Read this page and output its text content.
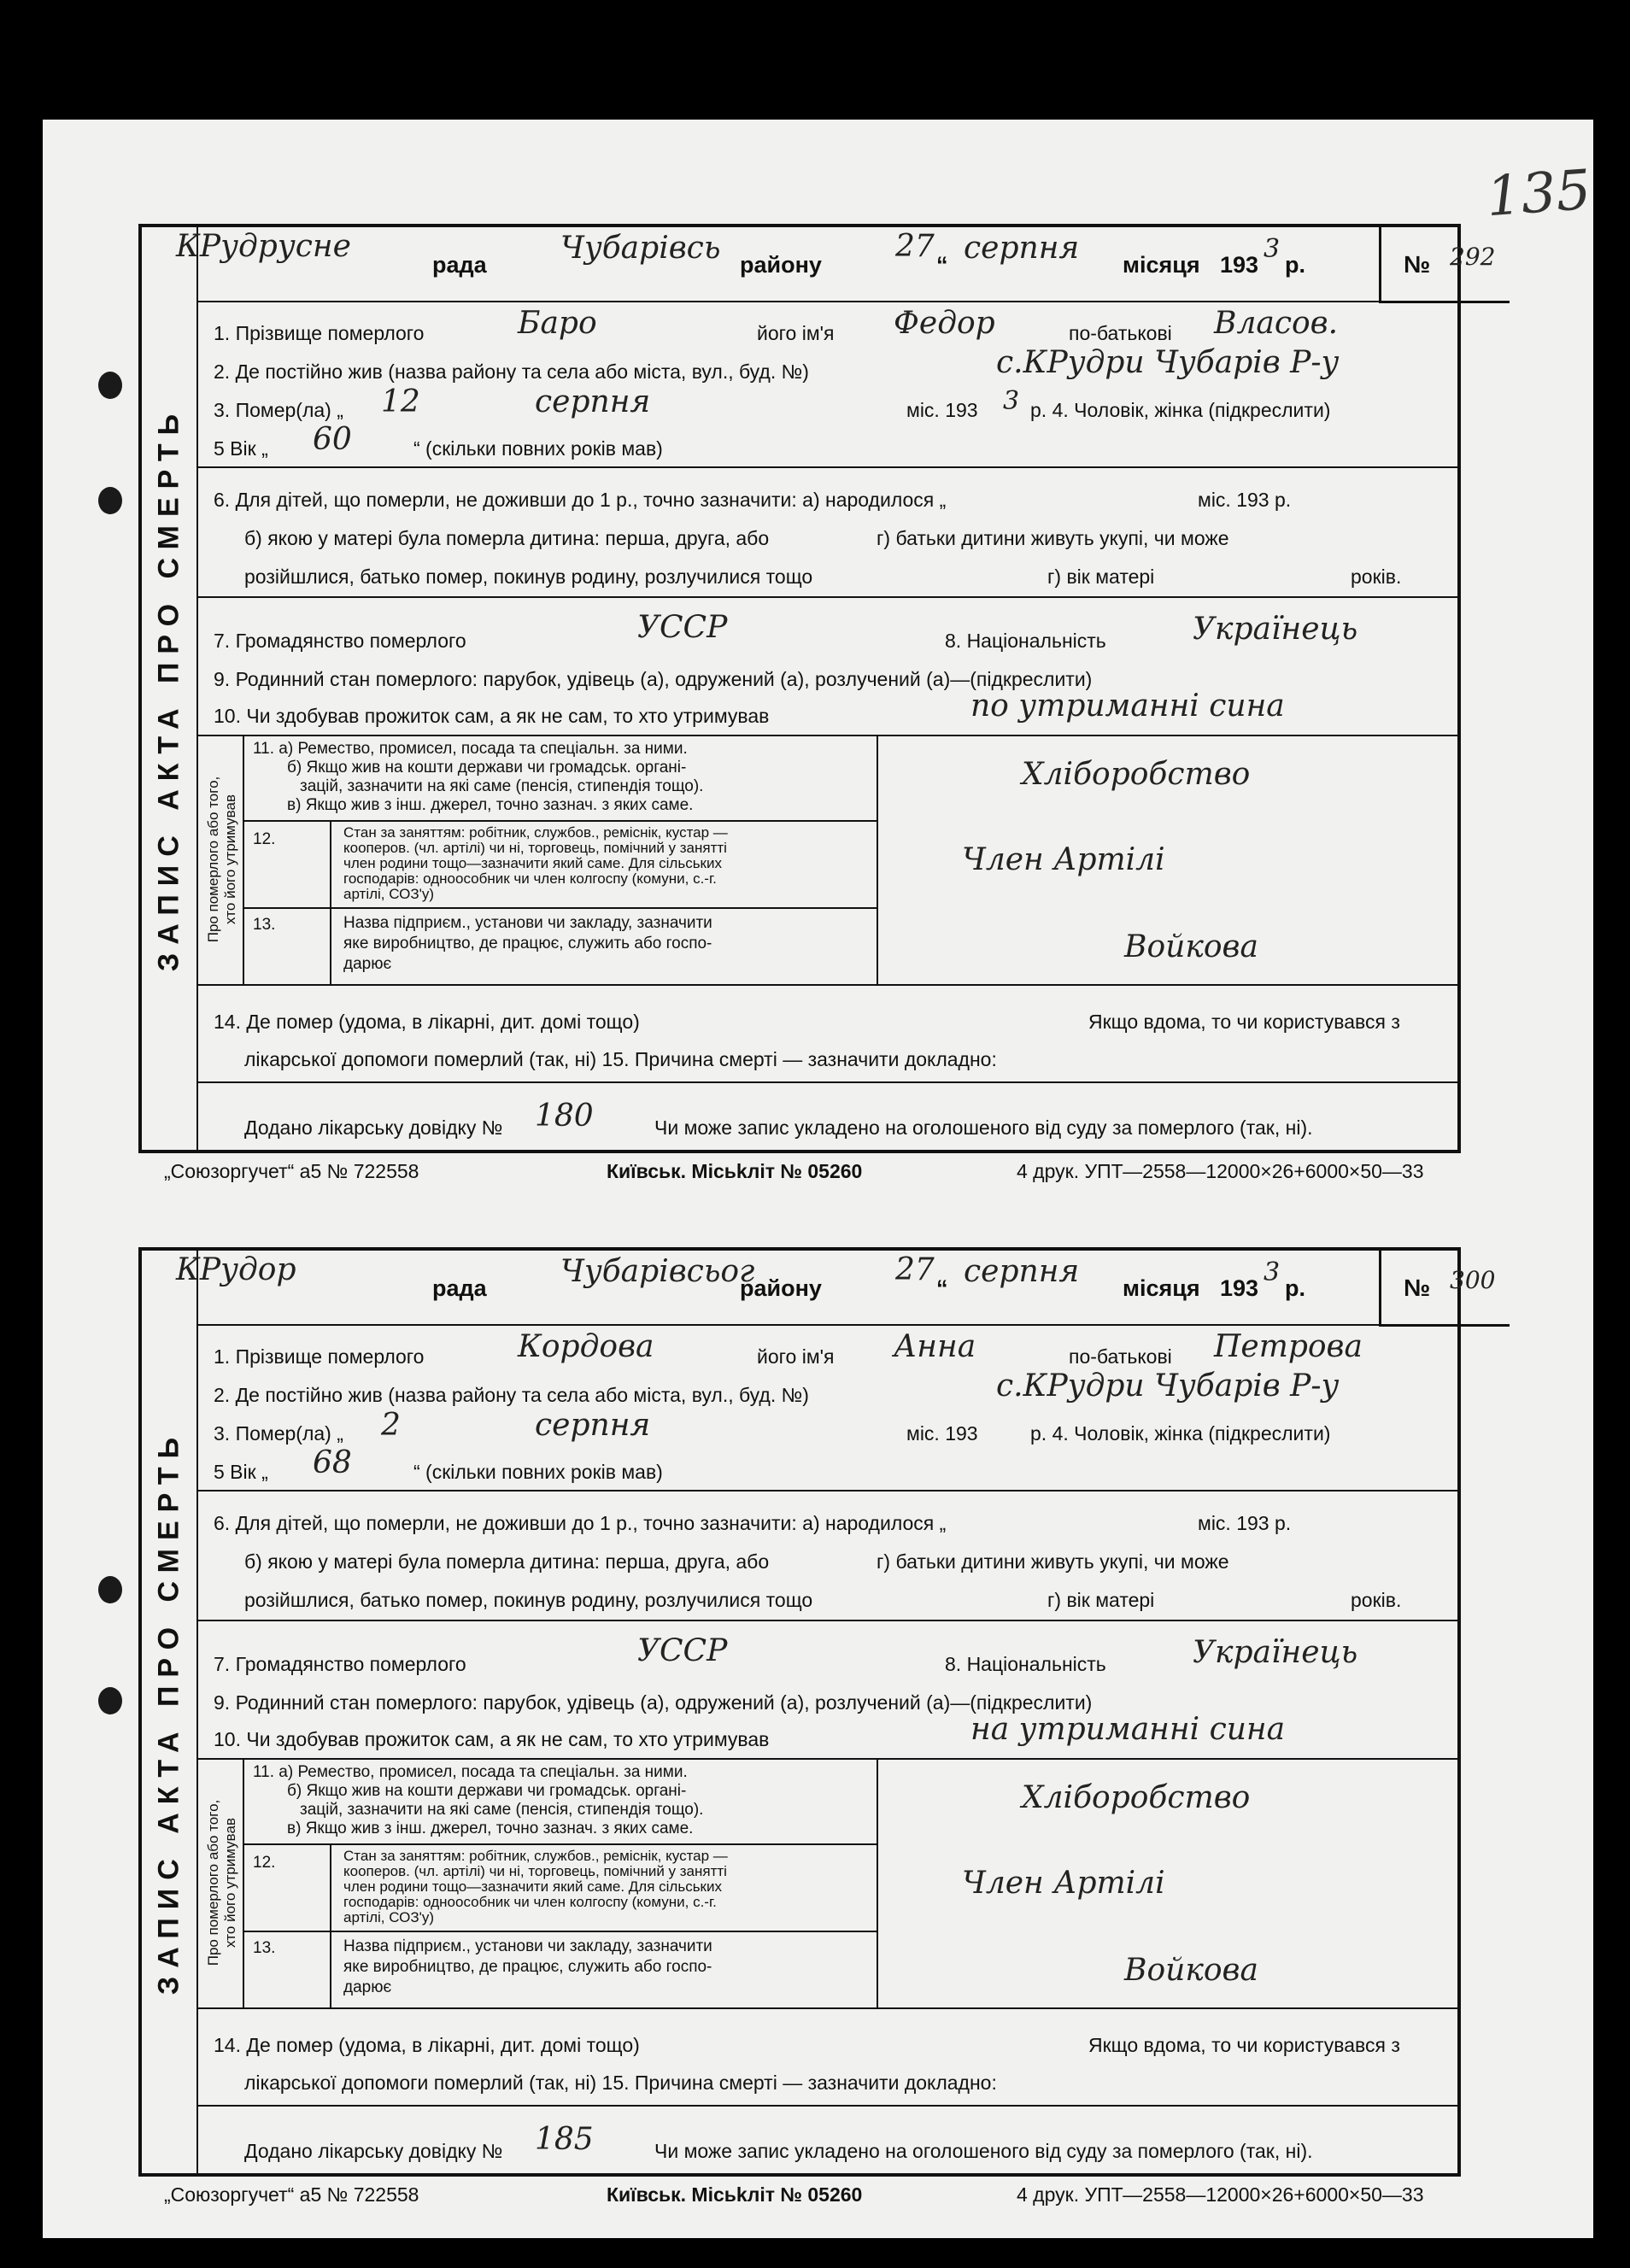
135
ЗАПИС АКТА ПРО СМЕРТЬ
КРудрусне
рада Чубарівсь району
27
“ серпня місяця 193
3
р.	№ 292
1. Прізвище померлого	Баро	його ім'я Федор	по-батькові Власов.
2. Де постійно жив (назва району та села або міста, вул., буд. №)	с.КРудри Чубарів Р-у
3. Помер(ла) „ 12	серпня	міс. 193 3 р. 4. Чоловік, жінка (підкреслити)
5 Вік „ 60	“ (скільки повних років мав)
6. Для дітей, що померли, не доживши до 1 р., точно зазначити: а) народилося „	міс. 193 р.
б) якою у матері була померла дитина: перша, друга, або	г) батьки дитини живуть укупі, чи може
розійшлися, батько помер, покинув родину, розлучилися тощо	г) вік матері	років.
7. Громадянство померлого	УССР	8. Національність	Українець
9. Родинний стан померлого: парубок, удівець (а), одружений (а), розлучений (а)—(підкреслити)
10. Чи здобував прожиток сам, а як не сам, то хто утримував	по утриманні сина
Про померлого або того, хто його утримував
11. а) Ремество, промисел, посада та спеціальн. за ними.
б) Якщо жив на кошти держави чи громадськ. органі-
зацій, зазначити на які саме (пенсія, стипендія тощо).
в) Якщо жив з інш. джерел, точно зазнач. з яких саме.
Хліборобство
12.	Стан за заняттям: робітник, службов., реміснік, кустар —
кооперов. (чл. артілі) чи ні, торговець, помічний у занятті
член родини тощо—зазначити який саме. Для сільських
господарів: одноособник чи член колгоспу (комуни, с.-г.
артілі, СОЗ'у)
Член Артілі
13.	Назва підприєм., установи чи закладу, зазначити
яке виробництво, де працює, служить або госпо-
дарює	Войкова
14. Де помер (удома, в лікарні, дит. домі тощо)	Якщо вдома, то чи користувався з
лікарської допомоги померлий (так, ні) 15. Причина смерті — зазначити докладно:
Додано лікарську довідку № 180	Чи може запис укладено на оголошеного від суду за померлого (так, ні).
„Союзоргучет“ а5 № 722558	Київськ. Місьkліт № 05260	4 друк. УПТ—2558—12000×26+6000×50—33
ЗАПИС АКТА ПРО СМЕРТЬ
КРудор
рада Чубарівсьог
району
27
“ серпня місяця 193
3
р.	№ 300
1. Прізвище померлого	Кордова	його ім'я Анна	по-батькові Петрова
2. Де постійно жив (назва району та села або міста, вул., буд. №)	с.КРудри Чубарів Р-у
3. Помер(ла) „ 2	серпня	міс. 193	р. 4. Чоловік, жінка (підкреслити)
5 Вік „ 68	“ (скільки повних років мав)
6. Для дітей, що померли, не доживши до 1 р., точно зазначити: а) народилося „	міс. 193 р.
б) якою у матері була померла дитина: перша, друга, або	г) батьки дитини живуть укупі, чи може
розійшлися, батько помер, покинув родину, розлучилися тощо	г) вік матері	років.
7. Громадянство померлого	УССР	8. Національність	Українець
9. Родинний стан померлого: парубок, удівець (а), одружений (а), розлучений (а)—(підкреслити)
10. Чи здобував прожиток сам, а як не сам, то хто утримував	на утриманні сина
Про померлого або того, хто його утримував
11. а) Ремество, промисел, посада та спеціальн. за ними.
б) Якщо жив на кошти держави чи громадськ. органі-
зацій, зазначити на які саме (пенсія, стипендія тощо).
в) Якщо жив з інш. джерел, точно зазнач. з яких саме.
Хліборобство
12.	Стан за заняттям: робітник, службов., реміснік, кустар —
кооперов. (чл. артілі) чи ні, торговець, помічний у занятті
член родини тощо—зазначити який саме. Для сільських
господарів: одноособник чи член колгоспу (комуни, с.-г.
артілі, СОЗ'у)
Член Артілі
13.	Назва підприєм., установи чи закладу, зазначити
яке виробництво, де працює, служить або госпо-
дарює	Войкова
14. Де помер (удома, в лікарні, дит. домі тощо)	Якщо вдома, то чи користувався з
лікарської допомоги померлий (так, ні) 15. Причина смерті — зазначити докладно:
Додано лікарську довідку № 185	Чи може запис укладено на оголошеного від суду за померлого (так, ні).
„Союзоргучет“ а5 № 722558	Київськ. Місьkліт № 05260	4 друк. УПТ—2558—12000×26+6000×50—33
